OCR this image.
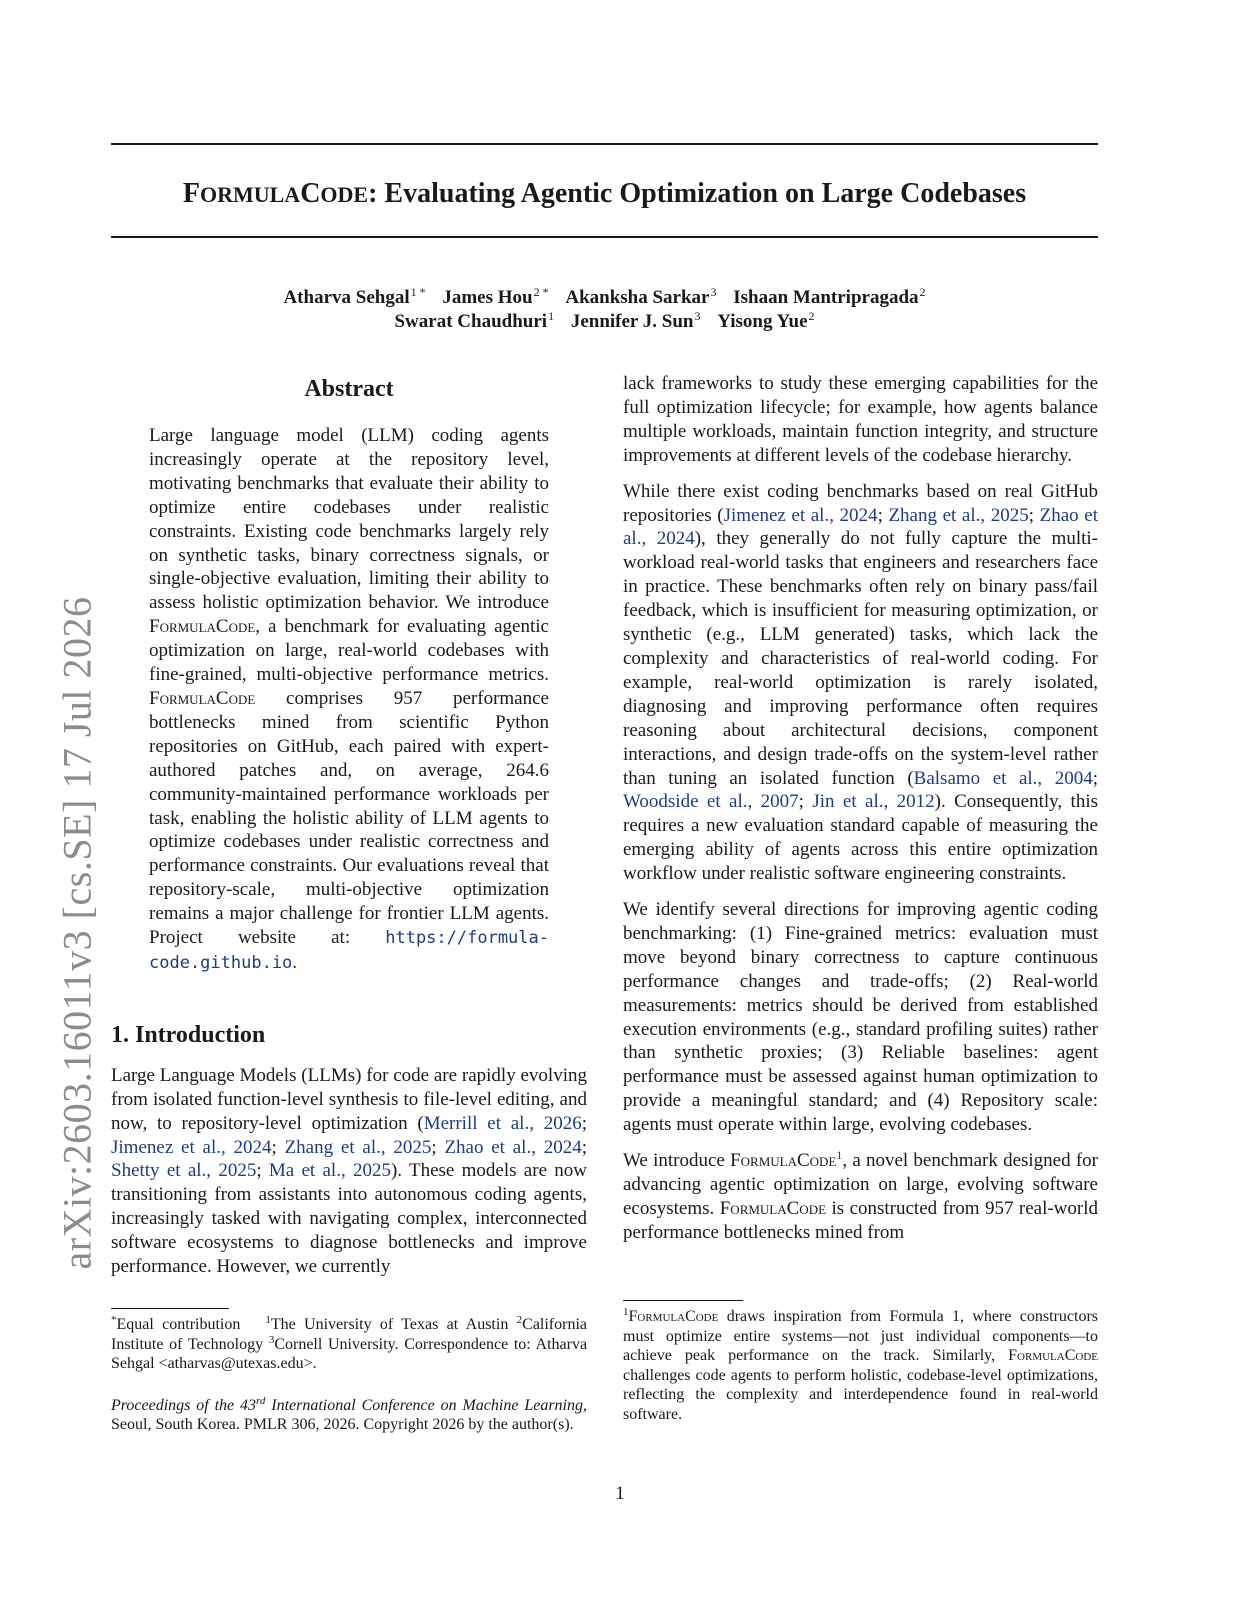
FORMULACODE: Evaluating Agentic Optimization on Large Codebases
Atharva Sehgal$^{1 *}$ James Hou$^{2 *}$ Akanksha Sarkar$^3$ Ishaan Mantripragada$^2$
Swarat Chaudhuri$^1$ Jennifer J. Sun$^3$ Yisong Yue$^2$
arXiv:2603.16011v3 [cs.SE] 17 Jul 2026
Abstract
Large language model (LLM) coding agents increasingly operate at the repository level, motivating benchmarks that evaluate their ability to optimize entire codebases under realistic constraints. Existing code benchmarks largely rely on synthetic tasks, binary correctness signals, or single-objective evaluation, limiting their ability to assess holistic optimization behavior. We introduce FormulaCode, a benchmark for evaluating agentic optimization on large, real-world codebases with fine-grained, multi-objective performance metrics. FormulaCode comprises 957 performance bottlenecks mined from scientific Python repositories on GitHub, each paired with expert-authored patches and, on average, 264.6 community-maintained performance workloads per task, enabling the holistic ability of LLM agents to optimize codebases under realistic correctness and performance constraints. Our evaluations reveal that repository-scale, multi-objective optimization remains a major challenge for frontier LLM agents. Project website at: https://formula-code.github.io.
1. Introduction

Large Language Models (LLMs) for code are rapidly evolving from isolated function-level synthesis to file-level editing, and now, to repository-level optimization (Merrill et al., 2026; Jimenez et al., 2024; Zhang et al., 2025; Zhao et al., 2024; Shetty et al., 2025; Ma et al., 2025). These models are now transitioning from assistants into autonomous coding agents, increasingly tasked with navigating complex, interconnected software ecosystems to diagnose bottlenecks and improve performance. However, we currently

*Equal contribution $^1$The University of Texas at Austin $^2$California Institute of Technology $^3$Cornell University. Correspondence to: Atharva Sehgal <atharvas@utexas.edu>.
Proceedings of the 43rd International Conference on Machine Learning, Seoul, South Korea. PMLR 306, 2026. Copyright 2026 by the author(s).

lack frameworks to study these emerging capabilities for the full optimization lifecycle; for example, how agents balance multiple workloads, maintain function integrity, and structure improvements at different levels of the codebase hierarchy.

While there exist coding benchmarks based on real GitHub repositories (Jimenez et al., 2024; Zhang et al., 2025; Zhao et al., 2024), they generally do not fully capture the multi-workload real-world tasks that engineers and researchers face in practice. These benchmarks often rely on binary pass/fail feedback, which is insufficient for measuring optimization, or synthetic (e.g., LLM generated) tasks, which lack the complexity and characteristics of real-world coding. For example, real-world optimization is rarely isolated, diagnosing and improving performance often requires reasoning about architectural decisions, component interactions, and design trade-offs on the system-level rather than tuning an isolated function (Balsamo et al., 2004; Woodside et al., 2007; Jin et al., 2012). Consequently, this requires a new evaluation standard capable of measuring the emerging ability of agents across this entire optimization workflow under realistic software engineering constraints.

We identify several directions for improving agentic coding benchmarking: (1) Fine-grained metrics: evaluation must move beyond binary correctness to capture continuous performance changes and trade-offs; (2) Real-world measurements: metrics should be derived from established execution environments (e.g., standard profiling suites) rather than synthetic proxies; (3) Reliable baselines: agent performance must be assessed against human optimization to provide a meaningful standard; and (4) Repository scale: agents must operate within large, evolving codebases.

We introduce FormulaCode$^1$, a novel benchmark designed for advancing agentic optimization on large, evolving software ecosystems. FormulaCode is constructed from 957 real-world performance bottlenecks mined from

$^1$FormulaCode draws inspiration from Formula 1, where constructors must optimize entire systems—not just individual components—to achieve peak performance on the track. Similarly, FormulaCode challenges code agents to perform holistic, codebase-level optimizations, reflecting the complexity and interdependence found in real-world software.
1
